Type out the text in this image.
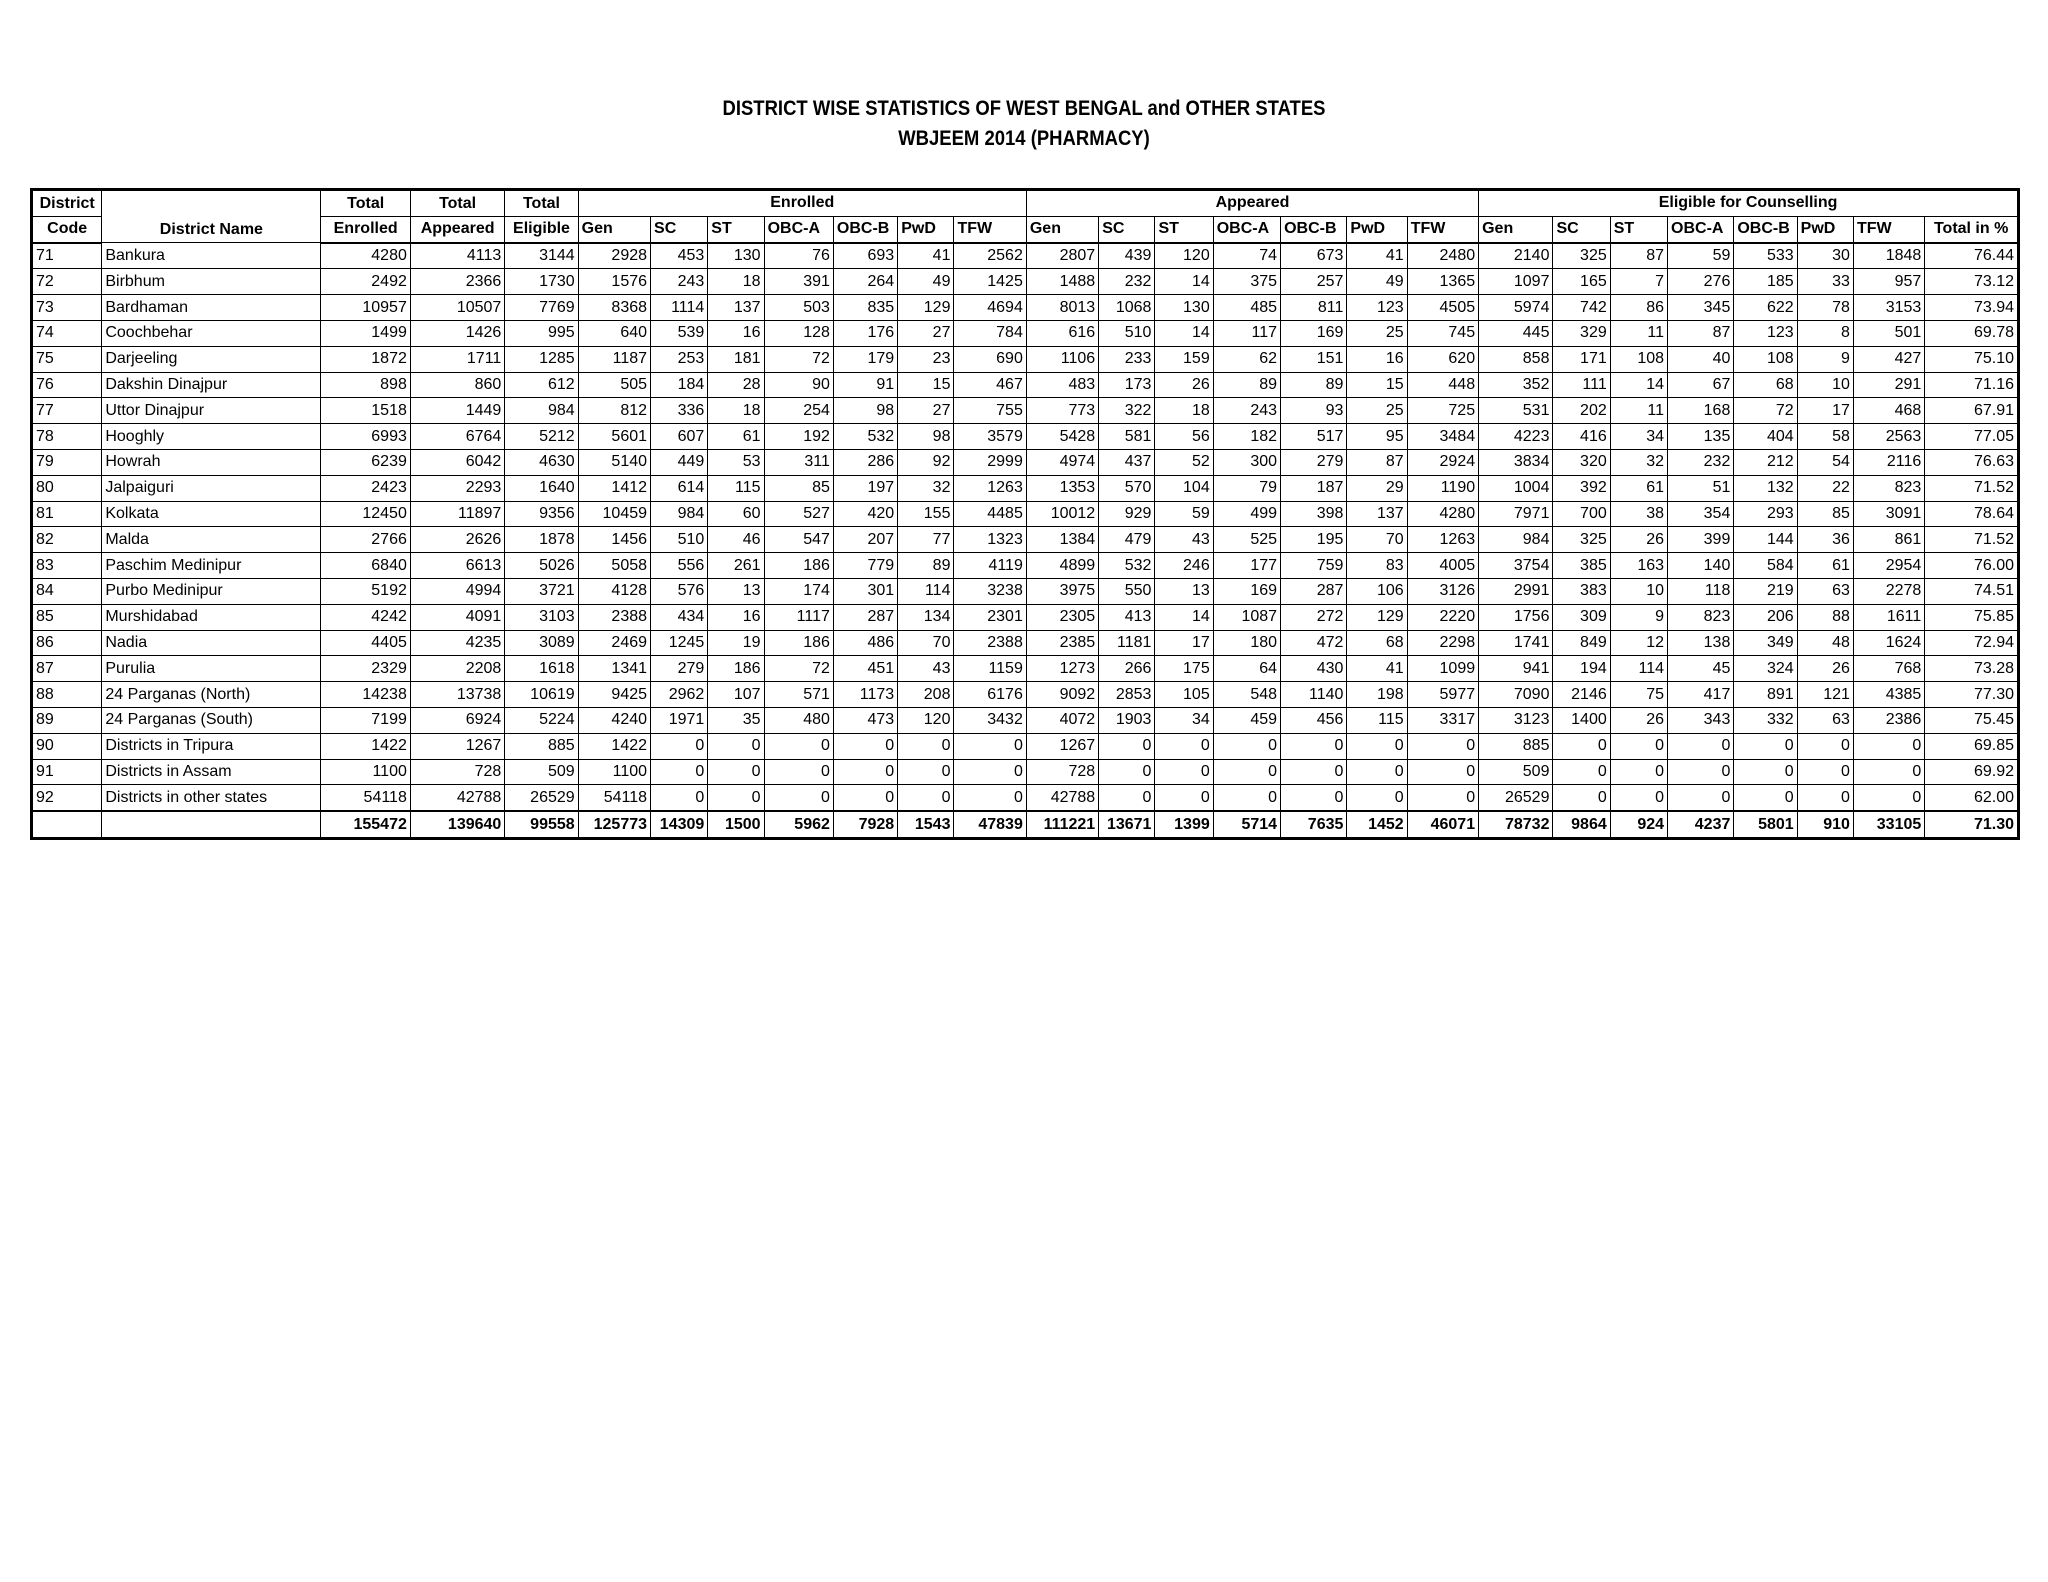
DISTRICT WISE STATISTICS OF WEST BENGAL and OTHER STATES
WBJEEM 2014 (PHARMACY)
District	District Name	Total	Total	Total	Enrolled							Appeared							Eligible for Counselling							
Code		Enrolled	Appeared	Eligible	Gen	SC	ST	OBC-A	OBC-B	PwD	TFW	Gen	SC	ST	OBC-A	OBC-B	PwD	TFW	Gen	SC	ST	OBC-A	OBC-B	PwD	TFW	Total in %
71	Bankura	4280	4113	3144	2928	453	130	76	693	41	2562	2807	439	120	74	673	41	2480	2140	325	87	59	533	30	1848	76.44
72	Birbhum	2492	2366	1730	1576	243	18	391	264	49	1425	1488	232	14	375	257	49	1365	1097	165	7	276	185	33	957	73.12
73	Bardhaman	10957	10507	7769	8368	1114	137	503	835	129	4694	8013	1068	130	485	811	123	4505	5974	742	86	345	622	78	3153	73.94
74	Coochbehar	1499	1426	995	640	539	16	128	176	27	784	616	510	14	117	169	25	745	445	329	11	87	123	8	501	69.78
75	Darjeeling	1872	1711	1285	1187	253	181	72	179	23	690	1106	233	159	62	151	16	620	858	171	108	40	108	9	427	75.10
76	Dakshin Dinajpur	898	860	612	505	184	28	90	91	15	467	483	173	26	89	89	15	448	352	111	14	67	68	10	291	71.16
77	Uttor Dinajpur	1518	1449	984	812	336	18	254	98	27	755	773	322	18	243	93	25	725	531	202	11	168	72	17	468	67.91
78	Hooghly	6993	6764	5212	5601	607	61	192	532	98	3579	5428	581	56	182	517	95	3484	4223	416	34	135	404	58	2563	77.05
79	Howrah	6239	6042	4630	5140	449	53	311	286	92	2999	4974	437	52	300	279	87	2924	3834	320	32	232	212	54	2116	76.63
80	Jalpaiguri	2423	2293	1640	1412	614	115	85	197	32	1263	1353	570	104	79	187	29	1190	1004	392	61	51	132	22	823	71.52
81	Kolkata	12450	11897	9356	10459	984	60	527	420	155	4485	10012	929	59	499	398	137	4280	7971	700	38	354	293	85	3091	78.64
82	Malda	2766	2626	1878	1456	510	46	547	207	77	1323	1384	479	43	525	195	70	1263	984	325	26	399	144	36	861	71.52
83	Paschim Medinipur	6840	6613	5026	5058	556	261	186	779	89	4119	4899	532	246	177	759	83	4005	3754	385	163	140	584	61	2954	76.00
84	Purbo Medinipur	5192	4994	3721	4128	576	13	174	301	114	3238	3975	550	13	169	287	106	3126	2991	383	10	118	219	63	2278	74.51
85	Murshidabad	4242	4091	3103	2388	434	16	1117	287	134	2301	2305	413	14	1087	272	129	2220	1756	309	9	823	206	88	1611	75.85
86	Nadia	4405	4235	3089	2469	1245	19	186	486	70	2388	2385	1181	17	180	472	68	2298	1741	849	12	138	349	48	1624	72.94
87	Purulia	2329	2208	1618	1341	279	186	72	451	43	1159	1273	266	175	64	430	41	1099	941	194	114	45	324	26	768	73.28
88	24 Parganas (North)	14238	13738	10619	9425	2962	107	571	1173	208	6176	9092	2853	105	548	1140	198	5977	7090	2146	75	417	891	121	4385	77.30
89	24 Parganas (South)	7199	6924	5224	4240	1971	35	480	473	120	3432	4072	1903	34	459	456	115	3317	3123	1400	26	343	332	63	2386	75.45
90	Districts in Tripura	1422	1267	885	1422	0	0	0	0	0	0	1267	0	0	0	0	0	0	885	0	0	0	0	0	0	69.85
91	Districts in Assam	1100	728	509	1100	0	0	0	0	0	0	728	0	0	0	0	0	0	509	0	0	0	0	0	0	69.92
92	Districts in other states	54118	42788	26529	54118	0	0	0	0	0	0	42788	0	0	0	0	0	0	26529	0	0	0	0	0	0	62.00
		155472	139640	99558	125773	14309	1500	5962	7928	1543	47839	111221	13671	1399	5714	7635	1452	46071	78732	9864	924	4237	5801	910	33105	71.30
